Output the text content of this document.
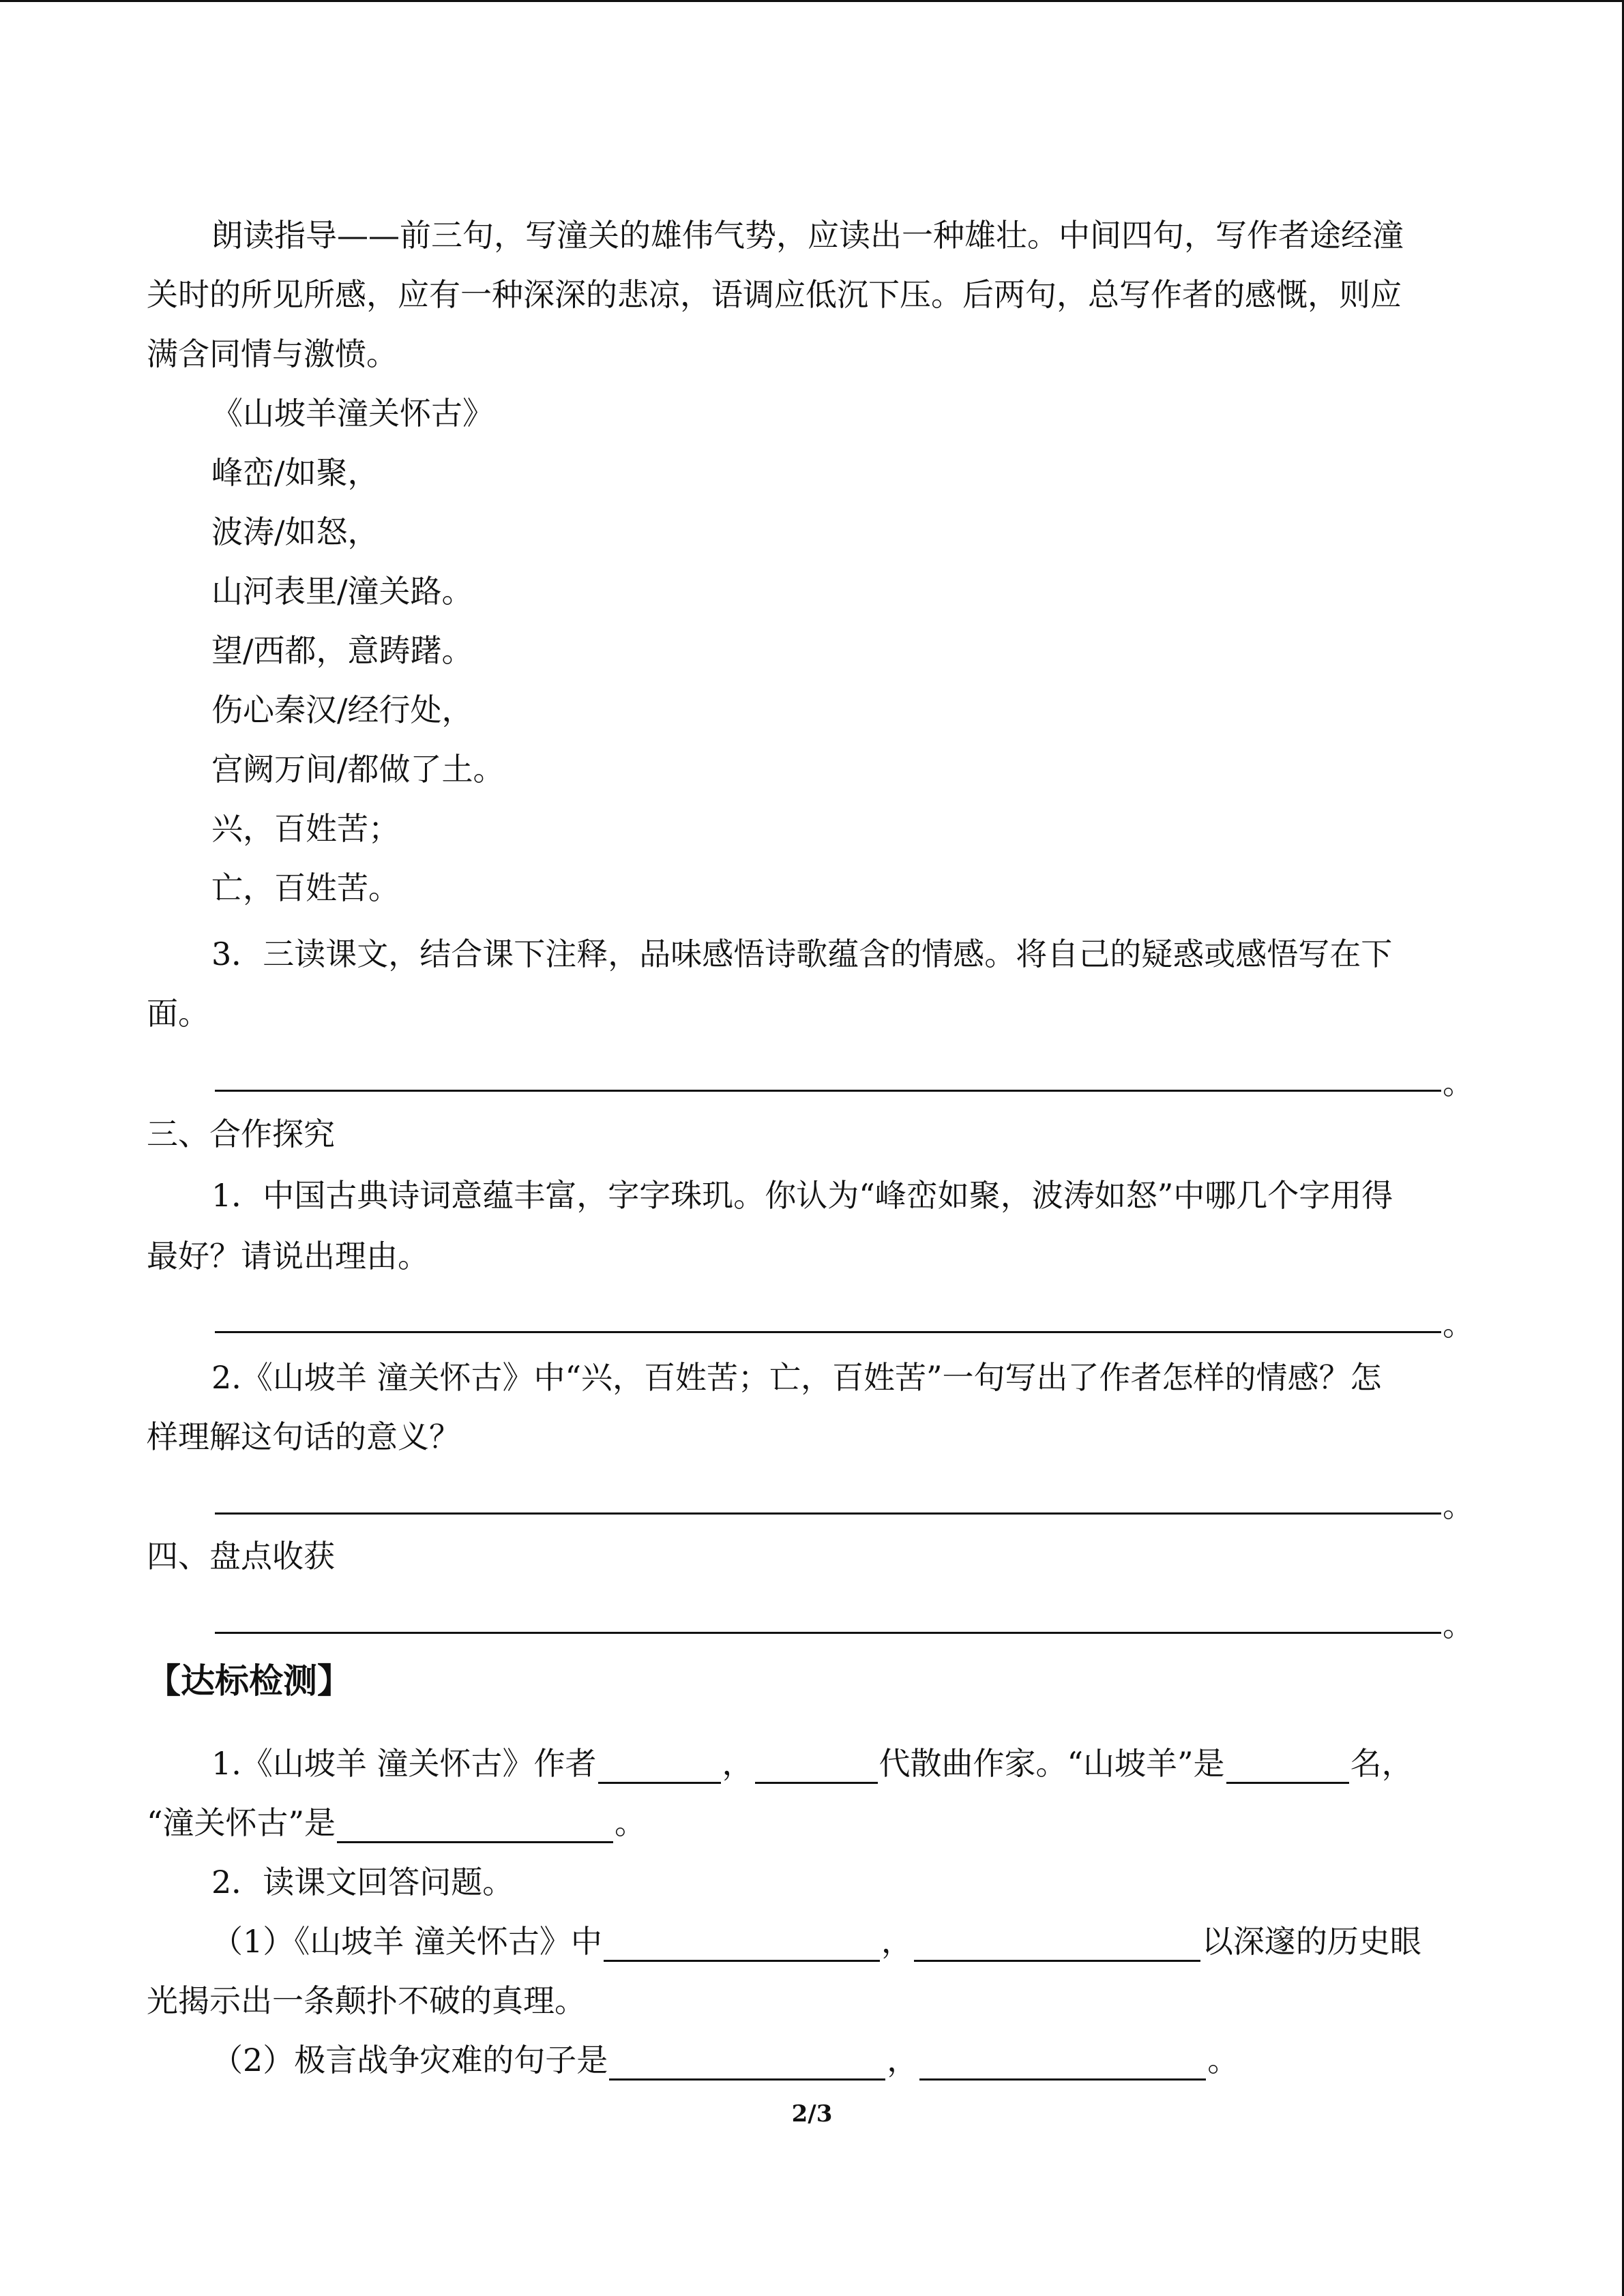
朗读指导——前三句，写潼关的雄伟气势，应读出一种雄壮。中间四句，写作者途经潼

关时的所见所感，应有一种深深的悲凉，语调应低沉下压。后两句，总写作者的感慨，则应

满含同情与激愤。

《山坡羊潼关怀古》

峰峦/如聚，

波涛/如怒，

山河表里/潼关路。

望/西都，意踌躇。

伤心秦汉/经行处，

宫阙万间/都做了土。

兴，百姓苦；

亡，百姓苦。

3．三读课文，结合课下注释，品味感悟诗歌蕴含的情感。将自己的疑惑或感悟写在下

面。

。

三、合作探究

1．中国古典诗词意蕴丰富，字字珠玑。你认为“峰峦如聚，波涛如怒”中哪几个字用得

最好？请说出理由。

。

2.《山坡羊 潼关怀古》中“兴，百姓苦；亡，百姓苦”一句写出了作者怎样的情感？怎

样理解这句话的意义？

。

四、盘点收获

。
【达标检测】

1.《山坡羊 潼关怀古》作者	，	代散曲作家。“山坡羊”是	名，

“潼关怀古”是	。

2．读课文回答问题。

（1）《山坡羊 潼关怀古》中	，	以深邃的历史眼

光揭示出一条颠扑不破的真理。

（2）极言战争灾难的句子是	，	。

2/3
